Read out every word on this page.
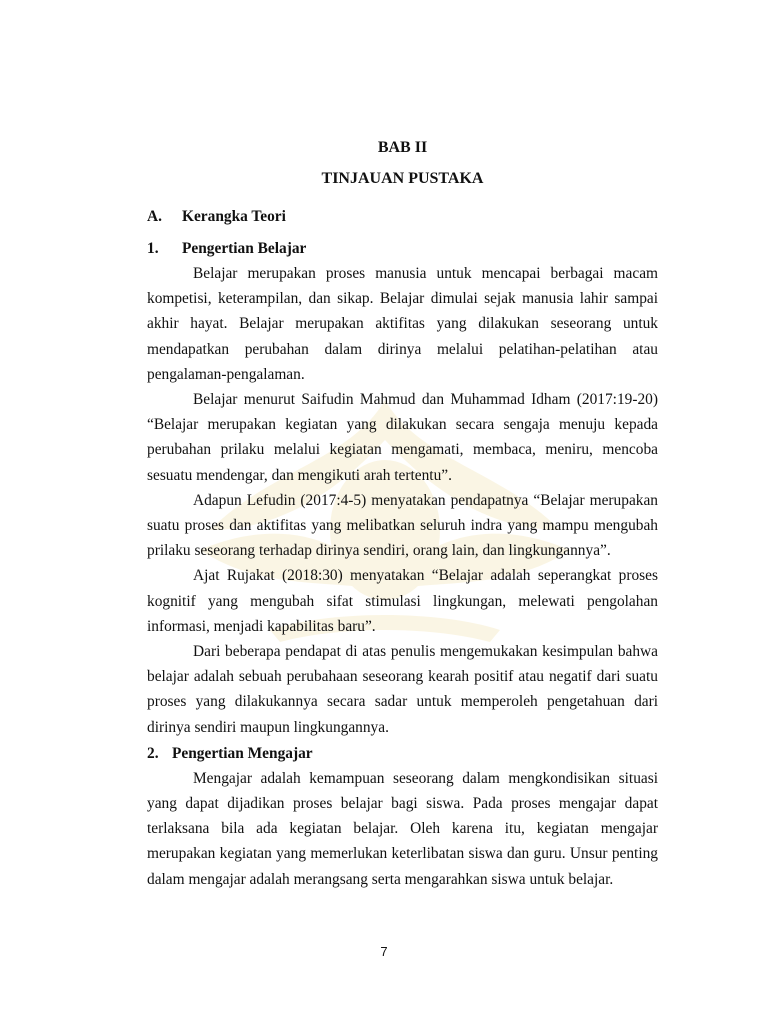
BAB II

TINJAUAN PUSTAKA

A.	Kerangka Teori
1.	Pengertian Belajar

Belajar merupakan proses manusia untuk mencapai berbagai macam kompetisi, keterampilan, dan sikap. Belajar dimulai sejak manusia lahir sampai akhir hayat. Belajar merupakan aktifitas yang dilakukan seseorang untuk mendapatkan perubahan dalam dirinya melalui pelatihan-pelatihan atau pengalaman-pengalaman.

Belajar menurut Saifudin Mahmud dan Muhammad Idham (2017:19-20) “Belajar merupakan kegiatan yang dilakukan secara sengaja menuju kepada perubahan prilaku melalui kegiatan mengamati, membaca, meniru, mencoba sesuatu mendengar, dan mengikuti arah tertentu”.

Adapun Lefudin (2017:4-5) menyatakan pendapatnya “Belajar merupakan suatu proses dan aktifitas yang melibatkan seluruh indra yang mampu mengubah prilaku seseorang terhadap dirinya sendiri, orang lain, dan lingkungannya”.

Ajat Rujakat (2018:30) menyatakan “Belajar adalah seperangkat proses kognitif yang mengubah sifat stimulasi lingkungan, melewati pengolahan informasi, menjadi kapabilitas baru”.

Dari beberapa pendapat di atas penulis mengemukakan kesimpulan bahwa belajar adalah sebuah perubahaan seseorang kearah positif atau negatif dari suatu proses yang dilakukannya secara sadar untuk memperoleh pengetahuan dari dirinya sendiri maupun lingkungannya.

2. Pengertian Mengajar

Mengajar adalah kemampuan seseorang dalam mengkondisikan situasi yang dapat dijadikan proses belajar bagi siswa. Pada proses mengajar dapat terlaksana bila ada kegiatan belajar. Oleh karena itu, kegiatan mengajar merupakan kegiatan yang memerlukan keterlibatan siswa dan guru. Unsur penting dalam mengajar adalah merangsang serta mengarahkan siswa untuk belajar.

7
